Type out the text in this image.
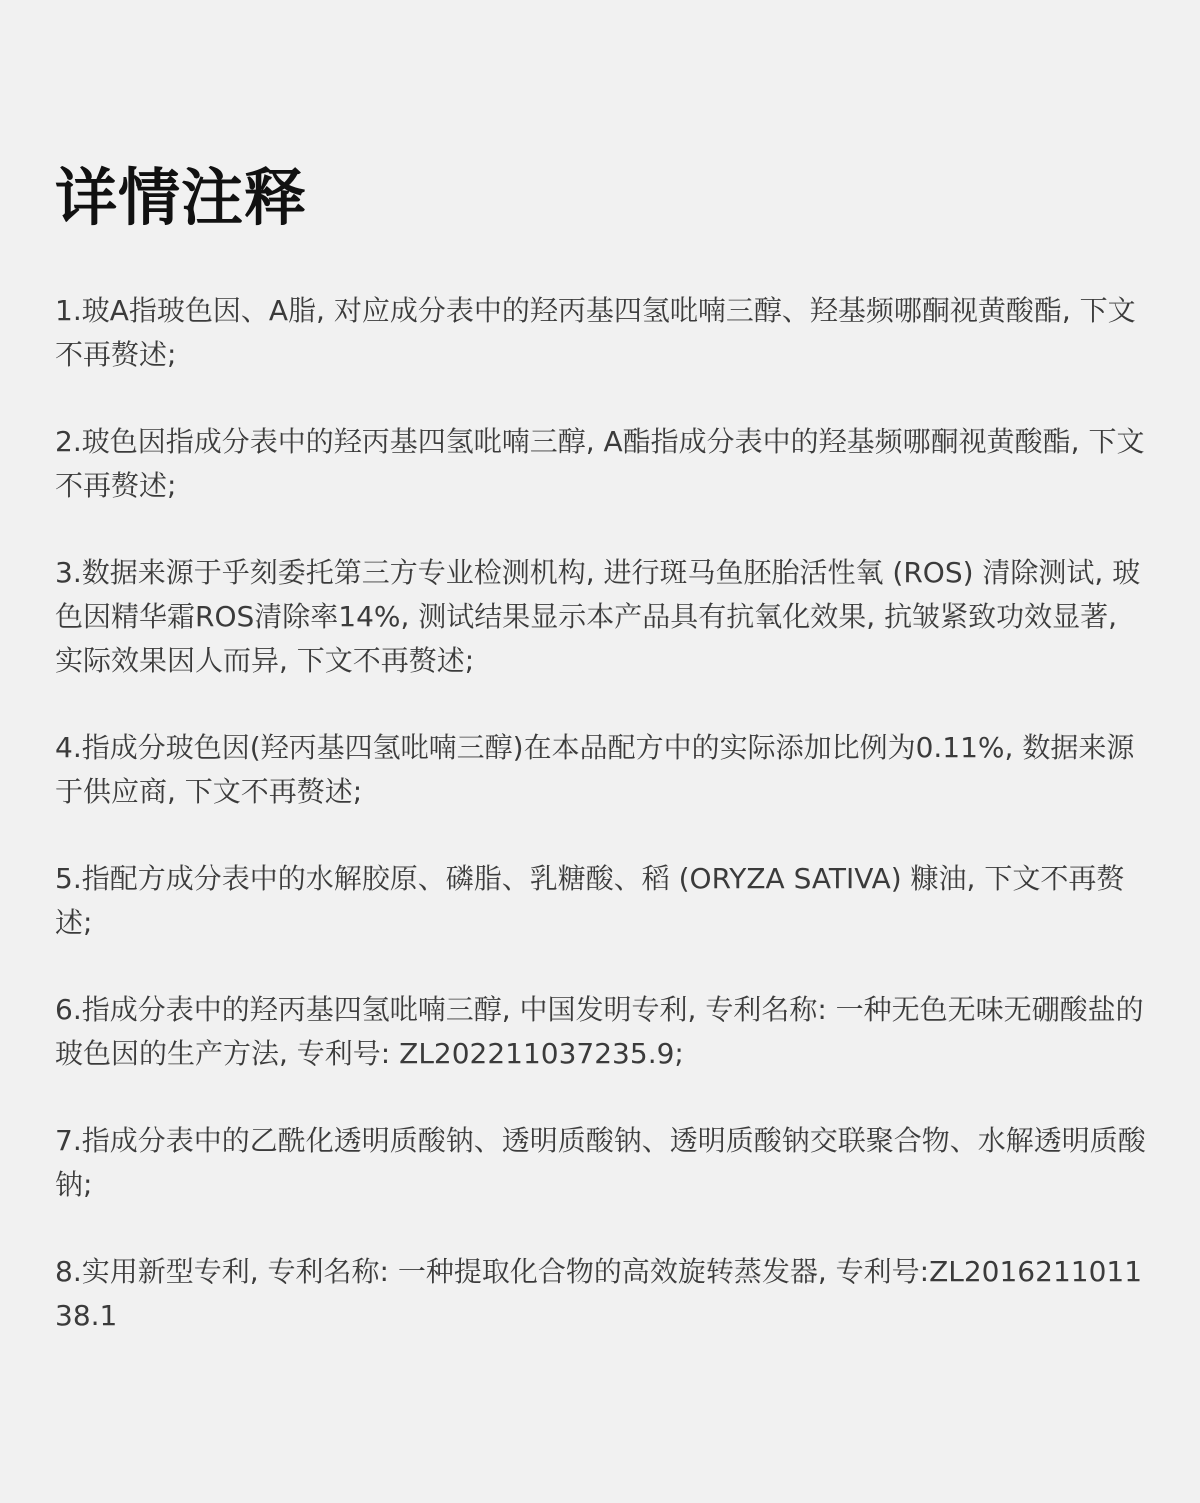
详情注释

1.玻A指玻色因、A脂, 对应成分表中的羟丙基四氢吡喃三醇、羟基频哪酮视黄酸酯, 下文不再赘述;

2.玻色因指成分表中的羟丙基四氢吡喃三醇, A酯指成分表中的羟基频哪酮视黄酸酯, 下文不再赘述;

3.数据来源于乎刻委托第三方专业检测机构, 进行斑马鱼胚胎活性氧 (ROS) 清除测试, 玻色因精华霜ROS清除率14%, 测试结果显示本产品具有抗氧化效果, 抗皱紧致功效显著, 实际效果因人而异, 下文不再赘述;

4.指成分玻色因(羟丙基四氢吡喃三醇)在本品配方中的实际添加比例为0.11%, 数据来源于供应商, 下文不再赘述;

5.指配方成分表中的水解胶原、磷脂、乳糖酸、稻 (ORYZA SATIVA) 糠油, 下文不再赘述;

6.指成分表中的羟丙基四氢吡喃三醇, 中国发明专利, 专利名称: 一种无色无味无硼酸盐的玻色因的生产方法, 专利号: ZL202211037235.9;

7.指成分表中的乙酰化透明质酸钠、透明质酸钠、透明质酸钠交联聚合物、水解透明质酸钠;

8.实用新型专利, 专利名称: 一种提取化合物的高效旋转蒸发器, 专利号:ZL201621101138.1
